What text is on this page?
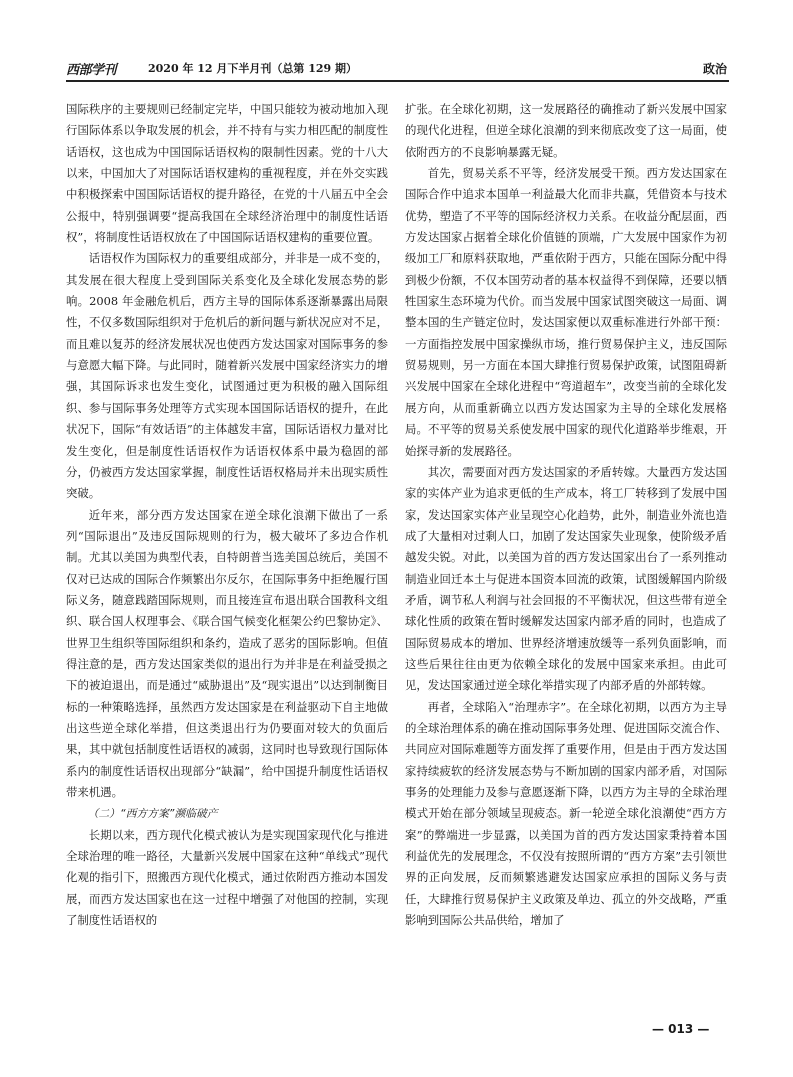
西部学刊	2020 年 12 月下半月刊（总第 129 期）	政治

国际秩序的主要规则已经制定完毕，中国只能较为被动地加入现行国际体系以争取发展的机会，并不持有与实力相匹配的制度性话语权，这也成为中国国际话语权构的限制性因素。党的十八大以来，中国加大了对国际话语权建构的重视程度，并在外交实践中积极探索中国国际话语权的提升路径，在党的十八届五中全会公报中，特别强调要“提高我国在全球经济治理中的制度性话语权”，将制度性话语权放在了中国国际话语权建构的重要位置。

话语权作为国际权力的重要组成部分，并非是一成不变的，其发展在很大程度上受到国际关系变化及全球化发展态势的影响。2008 年金融危机后，西方主导的国际体系逐渐暴露出局限性，不仅多数国际组织对于危机后的新问题与新状况应对不足，而且难以复苏的经济发展状况也使西方发达国家对国际事务的参与意愿大幅下降。与此同时，随着新兴发展中国家经济实力的增强，其国际诉求也发生变化，试图通过更为积极的融入国际组织、参与国际事务处理等方式实现本国国际话语权的提升，在此状况下，国际“有效话语”的主体越发丰富，国际话语权力量对比发生变化，但是制度性话语权作为话语权体系中最为稳固的部分，仍被西方发达国家掌握，制度性话语权格局并未出现实质性突破。

近年来，部分西方发达国家在逆全球化浪潮下做出了一系列“国际退出”及违反国际规则的行为，极大破坏了多边合作机制。尤其以美国为典型代表，自特朗普当选美国总统后，美国不仅对已达成的国际合作频繁出尔反尔，在国际事务中拒绝履行国际义务，随意践踏国际规则，而且接连宣布退出联合国教科文组织、联合国人权理事会、《联合国气候变化框架公约巴黎协定》、世界卫生组织等国际组织和条约，造成了恶劣的国际影响。但值得注意的是，西方发达国家类似的退出行为并非是在利益受损之下的被迫退出，而是通过“威胁退出”及“现实退出”以达到制衡目标的一种策略选择，虽然西方发达国家是在利益驱动下自主地做出这些逆全球化举措，但这类退出行为仍要面对较大的负面后果，其中就包括制度性话语权的减弱，这同时也导致现行国际体系内的制度性话语权出现部分“缺漏”，给中国提升制度性话语权带来机遇。

（二）“西方方案”濒临破产

长期以来，西方现代化模式被认为是实现国家现代化与推进全球治理的唯一路径，大量新兴发展中国家在这种“单线式”现代化观的指引下，照搬西方现代化模式，通过依附西方推动本国发展，而西方发达国家也在这一过程中增强了对他国的控制，实现了制度性话语权的

扩张。在全球化初期，这一发展路径的确推动了新兴发展中国家的现代化进程，但逆全球化浪潮的到来彻底改变了这一局面，使依附西方的不良影响暴露无疑。

首先，贸易关系不平等，经济发展受干预。西方发达国家在国际合作中追求本国单一利益最大化而非共赢，凭借资本与技术优势，塑造了不平等的国际经济权力关系。在收益分配层面，西方发达国家占据着全球化价值链的顶端，广大发展中国家作为初级加工厂和原料获取地，严重依附于西方，只能在国际分配中得到极少份额，不仅本国劳动者的基本权益得不到保障，还要以牺牲国家生态环境为代价。而当发展中国家试图突破这一局面、调整本国的生产链定位时，发达国家便以双重标准进行外部干预：一方面指控发展中国家操纵市场，推行贸易保护主义，违反国际贸易规则，另一方面在本国大肆推行贸易保护政策，试图阻碍新兴发展中国家在全球化进程中“弯道超车”，改变当前的全球化发展方向，从而重新确立以西方发达国家为主导的全球化发展格局。不平等的贸易关系使发展中国家的现代化道路举步维艰，开始探寻新的发展路径。

其次，需要面对西方发达国家的矛盾转嫁。大量西方发达国家的实体产业为追求更低的生产成本，将工厂转移到了发展中国家，发达国家实体产业呈现空心化趋势，此外，制造业外流也造成了大量相对过剩人口，加剧了发达国家失业现象，使阶级矛盾越发尖锐。对此，以美国为首的西方发达国家出台了一系列推动制造业回迁本土与促进本国资本回流的政策，试图缓解国内阶级矛盾，调节私人利润与社会回报的不平衡状况，但这些带有逆全球化性质的政策在暂时缓解发达国家内部矛盾的同时，也造成了国际贸易成本的增加、世界经济增速放缓等一系列负面影响，而这些后果往往由更为依赖全球化的发展中国家来承担。由此可见，发达国家通过逆全球化举措实现了内部矛盾的外部转嫁。

再者，全球陷入“治理赤字”。在全球化初期，以西方为主导的全球治理体系的确在推动国际事务处理、促进国际交流合作、共同应对国际难题等方面发挥了重要作用，但是由于西方发达国家持续疲软的经济发展态势与不断加剧的国家内部矛盾，对国际事务的处理能力及参与意愿逐渐下降，以西方为主导的全球治理模式开始在部分领域呈现疲态。新一轮逆全球化浪潮使“西方方案”的弊端进一步显露，以美国为首的西方发达国家秉持着本国利益优先的发展理念，不仅没有按照所谓的“西方方案”去引领世界的正向发展，反而频繁逃避发达国家应承担的国际义务与责任，大肆推行贸易保护主义政策及单边、孤立的外交战略，严重影响到国际公共品供给，增加了

— 013 —
